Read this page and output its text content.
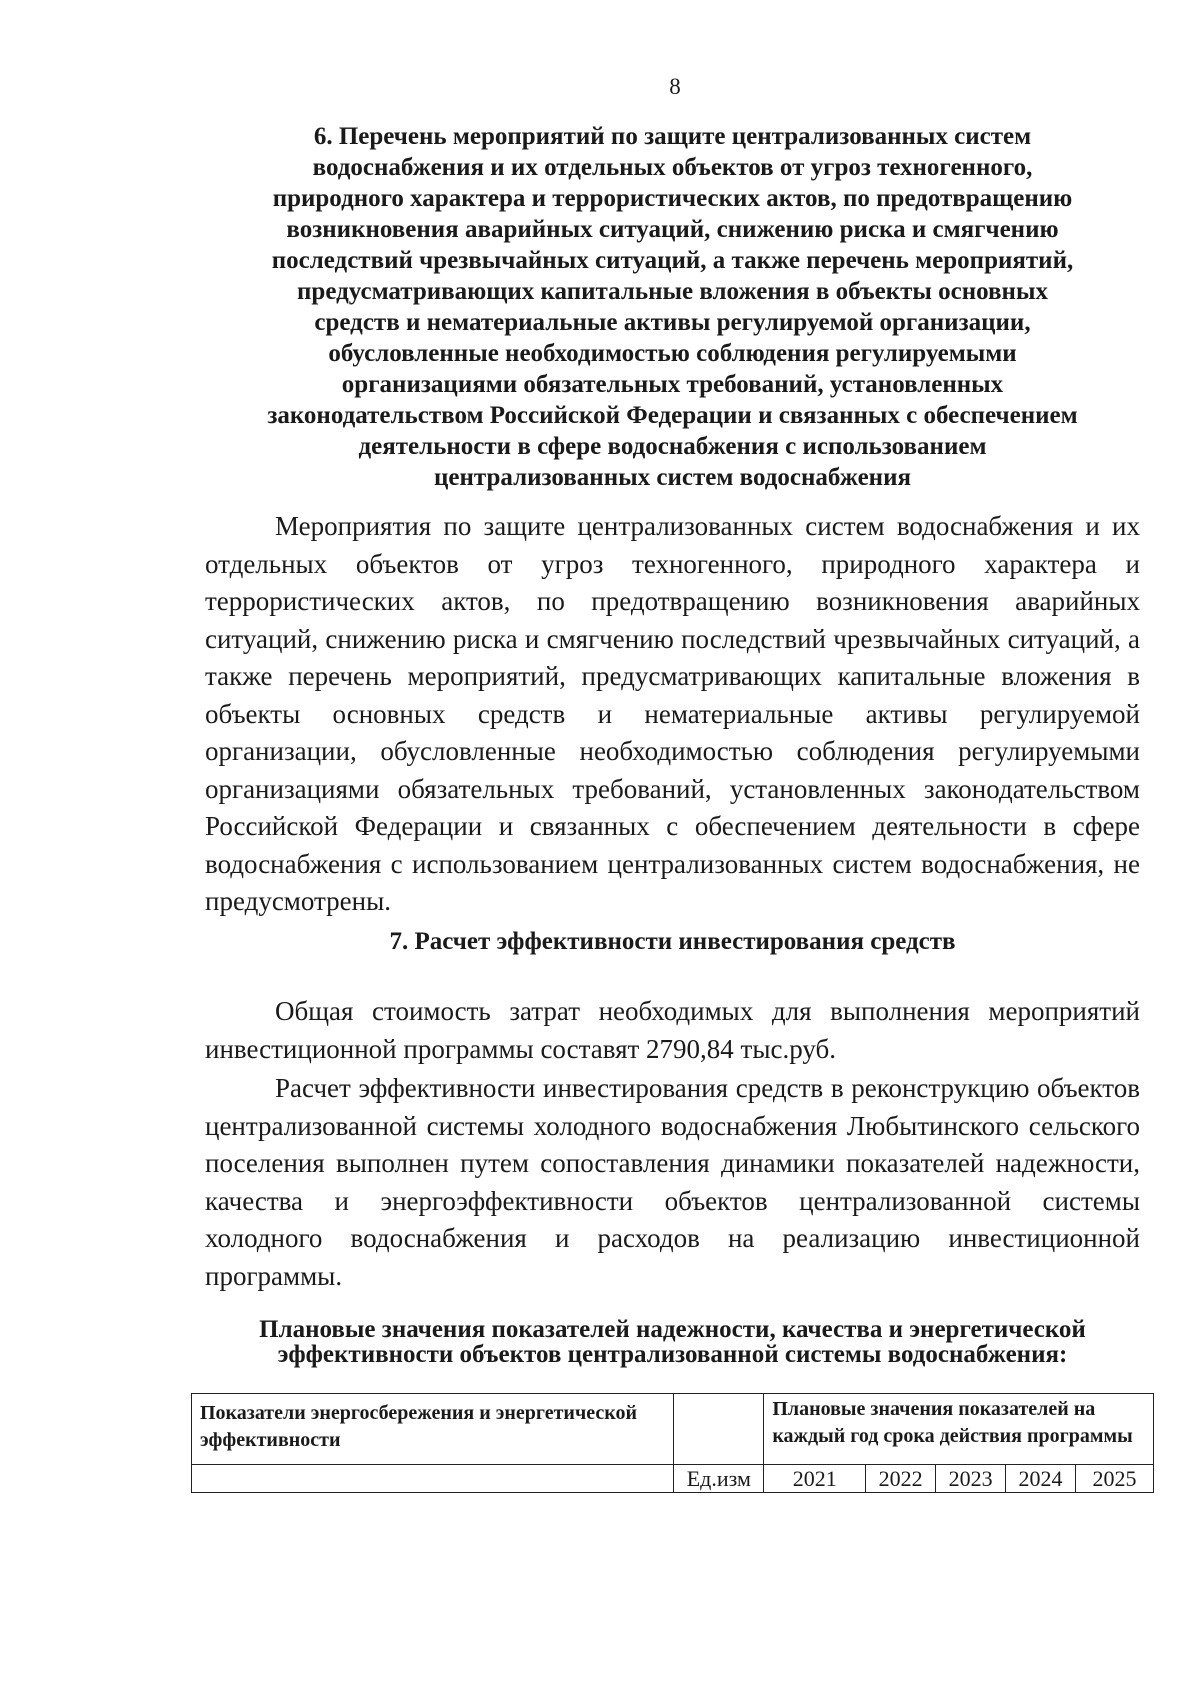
8
6. Перечень мероприятий по защите централизованных систем
водоснабжения и их отдельных объектов от угроз техногенного,
природного характера и террористических актов, по предотвращению
возникновения аварийных ситуаций, снижению риска и смягчению
последствий чрезвычайных ситуаций, а также перечень мероприятий,
предусматривающих капитальные вложения в объекты основных
средств и нематериальные активы регулируемой организации,
обусловленные необходимостью соблюдения регулируемыми
организациями обязательных требований, установленных
законодательством Российской Федерации и связанных с обеспечением
деятельности в сфере водоснабжения с использованием
централизованных систем водоснабжения

Мероприятия по защите централизованных систем водоснабжения и их отдельных объектов от угроз техногенного, природного характера и террористических актов, по предотвращению возникновения аварийных ситуаций, снижению риска и смягчению последствий чрезвычайных ситуаций, а также перечень мероприятий, предусматривающих капитальные вложения в объекты основных средств и нематериальные активы регулируемой организации, обусловленные необходимостью соблюдения регулируемыми организациями обязательных требований, установленных законодательством Российской Федерации и связанных с обеспечением деятельности в сфере водоснабжения с использованием централизованных систем водоснабжения, не предусмотрены.

7. Расчет эффективности инвестирования средств

Общая стоимость затрат необходимых для выполнения мероприятий инвестиционной программы составят 2790,84 тыс.руб.

Расчет эффективности инвестирования средств в реконструкцию объектов централизованной системы холодного водоснабжения Любытинского сельского поселения выполнен путем сопоставления динамики показателей надежности, качества и энергоэффективности объектов централизованной системы холодного водоснабжения и расходов на реализацию инвестиционной программы.

Плановые значения показателей надежности, качества и энергетической
эффективности объектов централизованной системы водоснабжения:
Показатели энергосбережения и энергетической эффективности		Плановые значения показателей на каждый год срока действия программы				
	Ед.изм	2021	2022	2023	2024	2025
